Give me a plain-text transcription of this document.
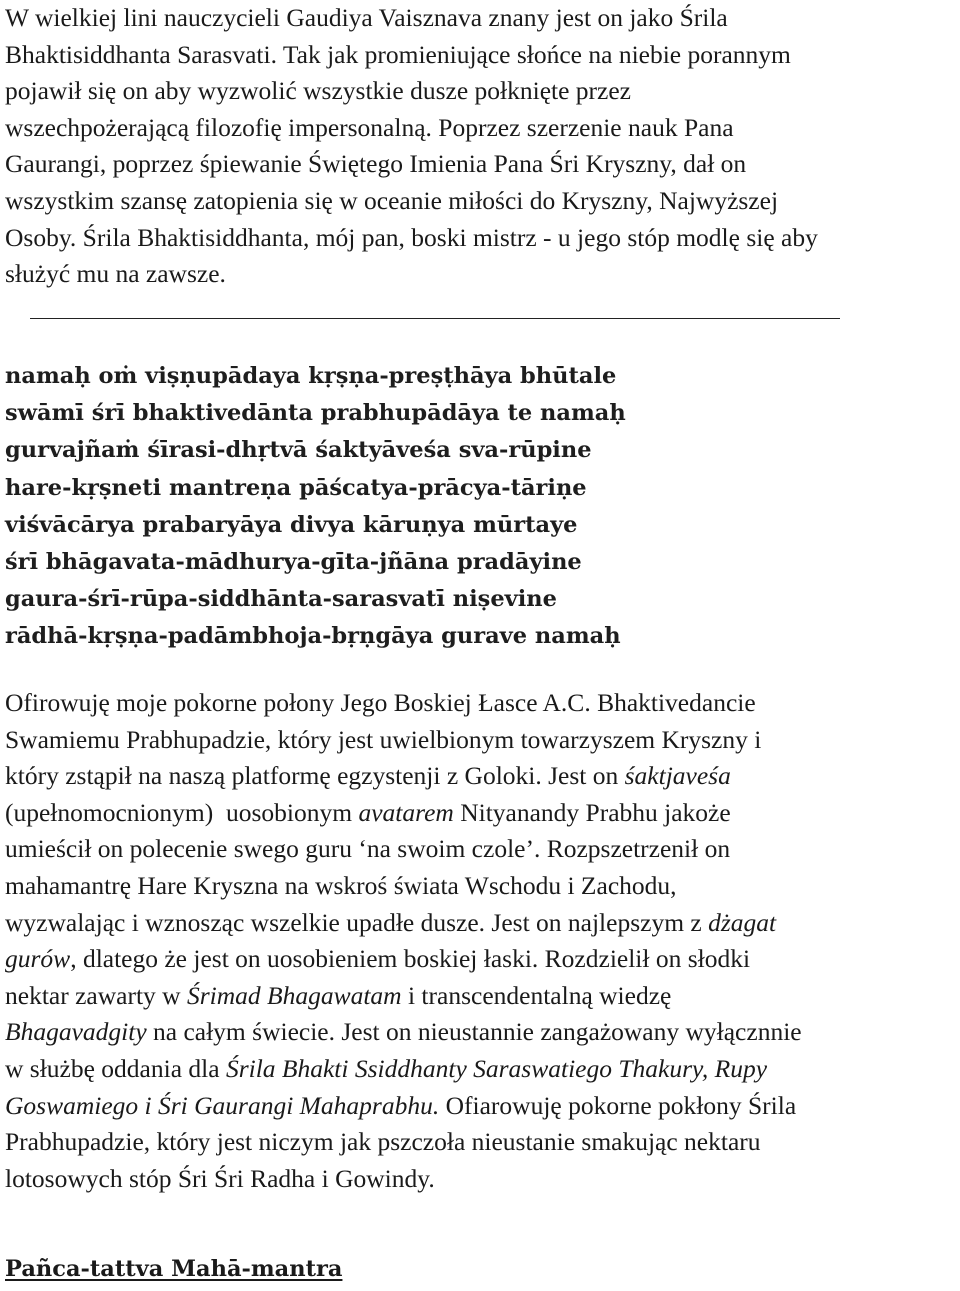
W wielkiej lini nauczycieli Gaudiya Vaisznava znany jest on jako Śrila
Bhaktisiddhanta Sarasvati. Tak jak promieniujące słońce na niebie porannym
pojawił się on aby wyzwolić wszystkie dusze połknięte przez
wszechpożerającą filozofię impersonalną. Poprzez szerzenie nauk Pana
Gaurangi, poprzez śpiewanie Świętego Imienia Pana Śri Kryszny, dał on
wszystkim szansę zatopienia się w oceanie miłości do Kryszny, Najwyższej
Osoby. Śrila Bhaktisiddhanta, mój pan, boski mistrz - u jego stóp modlę się aby
służyć mu na zawsze.

namaḥ oṁ viṣṇupādaya kṛṣṇa-preṣṭhāya bhūtale
swāmī śrī bhaktivedānta prabhupādāya te namaḥ
gurvajñaṁ śīrasi-dhṛtvā śaktyāveśa sva-rūpine
hare-kṛṣneti mantreṇa pāścatya-prācya-tāriṇe
viśvācārya prabaryāya divya kāruṇya mūrtaye
śrī bhāgavata-mādhurya-gīta-jñāna pradāyine
gaura-śrī-rūpa-siddhānta-sarasvatī niṣevine
rādhā-kṛṣṇa-padāmbhoja-bṛṇgāya gurave namaḥ

Ofirowuję moje pokorne połony Jego Boskiej Łasce A.C. Bhaktivedancie
Swamiemu Prabhupadzie, który jest uwielbionym towarzyszem Kryszny i
który zstąpił na naszą platformę egzystenji z Goloki. Jest on śaktjaveśa
(upełnomocnionym)  uosobionym avatarem Nityanandy Prabhu jakoże
umieścił on polecenie swego guru ‘na swoim czole’. Rozpszetrzenił on
mahamantrę Hare Kryszna na wskroś świata Wschodu i Zachodu,
wyzwalając i wznosząc wszelkie upadłe dusze. Jest on najlepszym z dżagat
gurów, dlatego że jest on uosobieniem boskiej łaski. Rozdzielił on słodki
nektar zawarty w Śrimad Bhagawatam i transcendentalną wiedzę
Bhagavadgity na całym świecie. Jest on nieustannie zangażowany wyłącznnie
w służbę oddania dla Śrila Bhakti Ssiddhanty Saraswatiego Thakury, Rupy
Goswamiego i Śri Gaurangi Mahaprabhu. Ofiarowuję pokorne pokłony Śrila
Prabhupadzie, który jest niczym jak pszczoła nieustanie smakując nektaru
lotosowych stóp Śri Śri Radha i Gowindy.

Pañca-tattva Mahā-mantra
